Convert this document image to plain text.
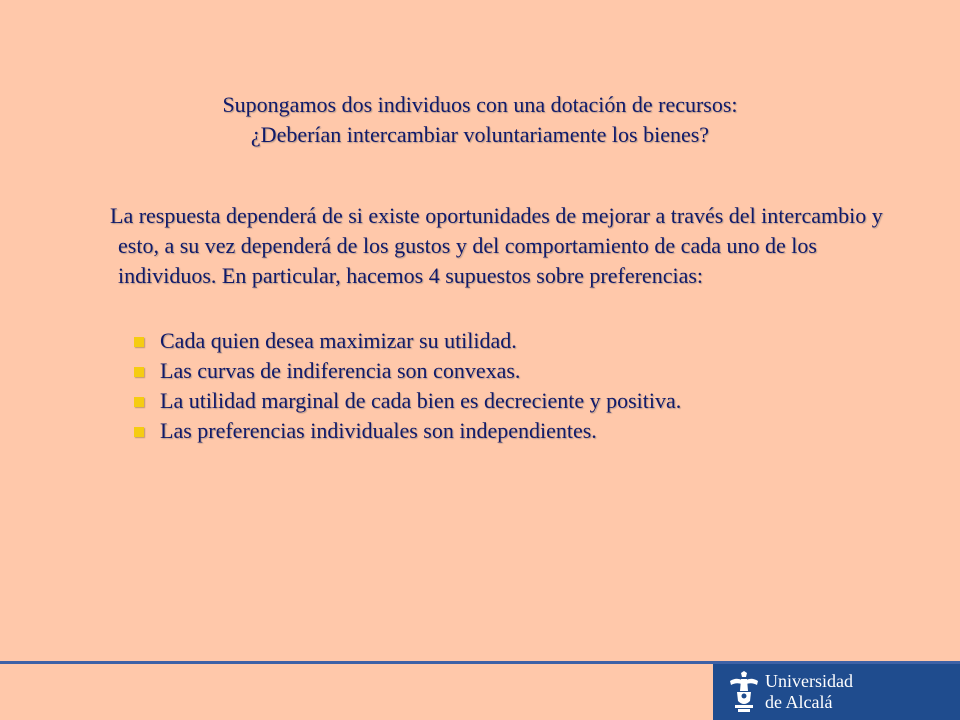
Supongamos dos individuos con una dotación de recursos:
¿Deberían intercambiar voluntariamente los bienes?
La respuesta dependerá de si existe oportunidades de mejorar a través del intercambio y esto, a su vez dependerá de los gustos y del comportamiento de cada uno de los individuos. En particular, hacemos 4 supuestos sobre preferencias:
Cada quien desea maximizar su utilidad.
Las curvas de indiferencia son convexas.
La utilidad marginal de cada bien es decreciente y positiva.
Las preferencias individuales son independientes.
Universidad
de Alcalá
